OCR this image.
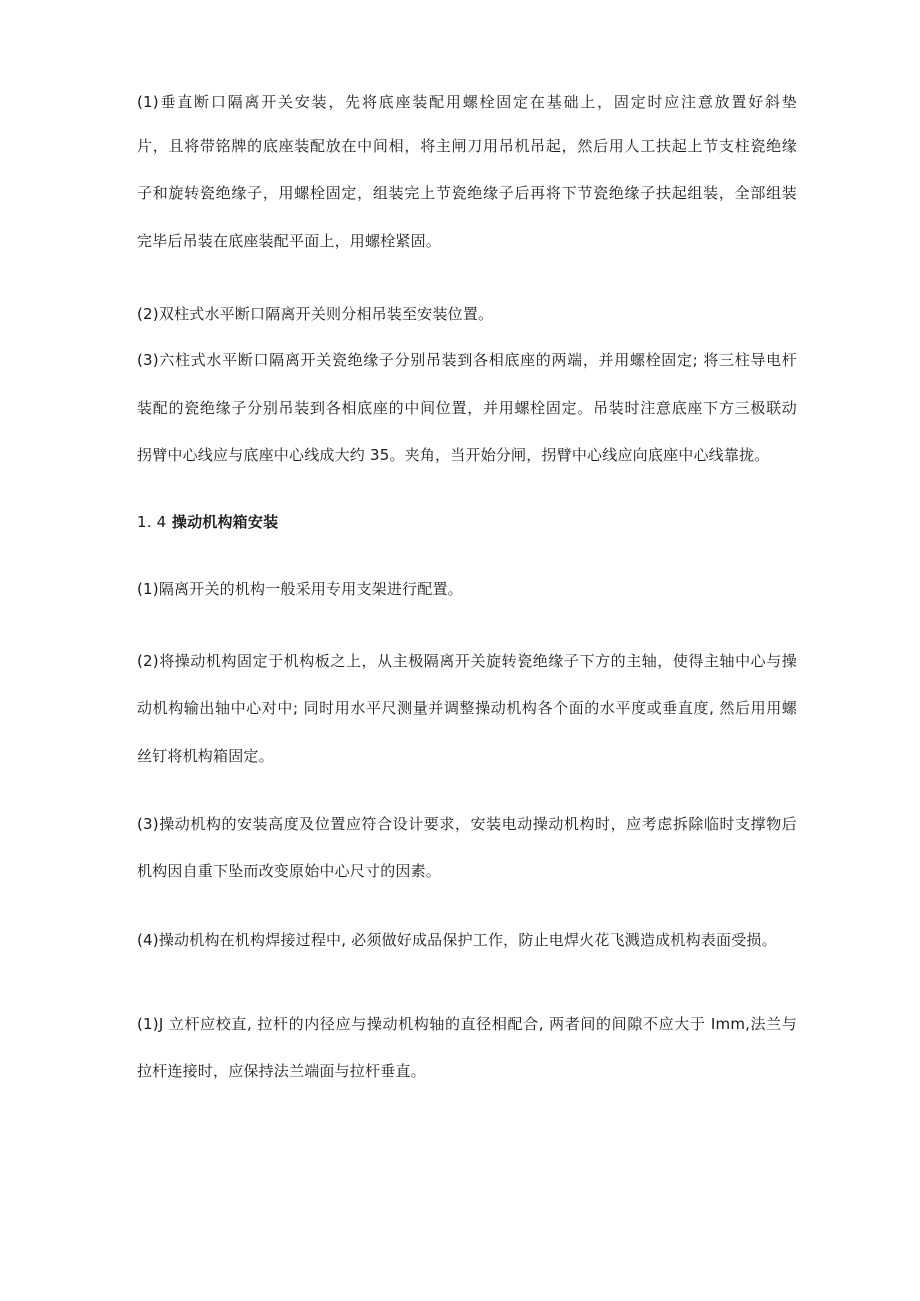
(1)垂直断口隔离开关安装，先将底座装配用螺栓固定在基础上，固定时应注意放置好斜垫
片，且将带铭牌的底座装配放在中间相，将主闸刀用吊机吊起，然后用人工扶起上节支柱瓷绝缘
子和旋转瓷绝缘子，用螺栓固定，组装完上节瓷绝缘子后再将下节瓷绝缘子扶起组装，全部组装
完毕后吊装在底座装配平面上，用螺栓紧固。
(2)双柱式水平断口隔离开关则分相吊装至安装位置。
(3)六柱式水平断口隔离开关瓷绝缘子分别吊装到各相底座的两端，并用螺栓固定; 将三柱导电杆
装配的瓷绝缘子分别吊装到各相底座的中间位置，并用螺栓固定。吊装时注意底座下方三极联动
拐臂中心线应与底座中心线成大约 35。夹角，当开始分闸，拐臂中心线应向底座中心线靠拢。
1. 4 操动机构箱安装
(1)隔离开关的机构一般采用专用支架进行配置。
(2)将操动机构固定于机构板之上，从主极隔离开关旋转瓷绝缘子下方的主轴，使得主轴中心与操
动机构输出轴中心对中; 同时用水平尺测量并调整操动机构各个面的水平度或垂直度, 然后用用螺
丝钉将机构箱固定。
(3)操动机构的安装高度及位置应符合设计要求，安装电动操动机构时，应考虑拆除临时支撑物后
机构因自重下坠而改变原始中心尺寸的因素。
(4)操动机构在机构焊接过程中, 必须做好成品保护工作，防止电焊火花飞溅造成机构表面受损。
(1)J 立杆应校直, 拉杆的内径应与操动机构轴的直径相配合, 两者间的间隙不应大于 Imm,法兰与
拉杆连接时，应保持法兰端面与拉杆垂直。
